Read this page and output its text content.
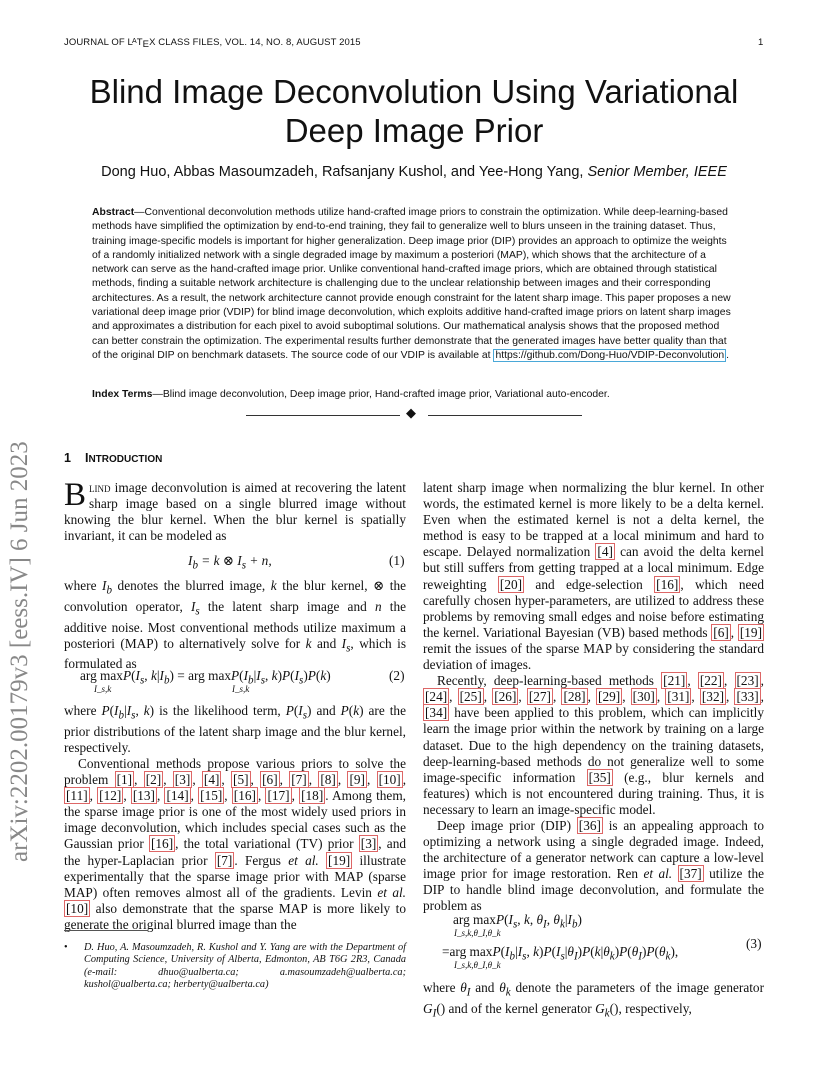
JOURNAL OF $L^ATEX$ CLASS FILES, VOL. 14, NO. 8, AUGUST 2015	1
arXiv:2202.00179v3 [eess.IV] 6 Jun 2023
Blind Image Deconvolution Using Variational
Deep Image Prior
Dong Huo, Abbas Masoumzadeh, Rafsanjany Kushol, and Yee-Hong Yang, Senior Member, IEEE
Abstract—Conventional deconvolution methods utilize hand-crafted image priors to constrain the optimization. While deep-learning-based methods have simplified the optimization by end-to-end training, they fail to generalize well to blurs unseen in the training dataset. Thus, training image-specific models is important for higher generalization. Deep image prior (DIP) provides an approach to optimize the weights of a randomly initialized network with a single degraded image by maximum a posteriori (MAP), which shows that the architecture of a network can serve as the hand-crafted image prior. Unlike conventional hand-crafted image priors, which are obtained through statistical methods, finding a suitable network architecture is challenging due to the unclear relationship between images and their corresponding architectures. As a result, the network architecture cannot provide enough constraint for the latent sharp image. This paper proposes a new variational deep image prior (VDIP) for blind image deconvolution, which exploits additive hand-crafted image priors on latent sharp images and approximates a distribution for each pixel to avoid suboptimal solutions. Our mathematical analysis shows that the proposed method can better constrain the optimization. The experimental results further demonstrate that the generated images have better quality than that of the original DIP on benchmark datasets. The source code of our VDIP is available at https://github.com/Dong-Huo/VDIP-Deconvolution .
Index Terms—Blind image deconvolution, Deep image prior, Hand-crafted image prior, Variational auto-encoder.
◆
1 INTRODUCTION

Blind image deconvolution is aimed at recovering the latent sharp image based on a single blurred image without knowing the blur kernel. When the blur kernel is spatially invariant, it can be modeled as

$I_b = k$ ⊗ $I_s + n$,	(1)

where $I_b$ denotes the blurred image, k the blur kernel, ⊗ the convolution operator, $I_s$ the latent sharp image and n the additive noise. Most conventional methods utilize maximum a posteriori (MAP) to alternatively solve for k and $I_s$, which is formulated as

arg $\max P(I_s$, $k|I_b$) = arg $\max P(I_b|I_s$, $k)P(I_s)P(k)$
I_s,k	I_s,k
(2)

where $P(I_b|I_s$, k) is the likelihood term, $P(I_s)$ and P(k) are the prior distributions of the latent sharp image and the blur kernel, respectively.

Conventional methods propose various priors to solve the problem [1] , [2] , [3] , [4] , [5] , [6] , [7] , [8] , [9] , [10] , [11] , [12] , [13] , [14] , [15] , [16] , [17] , [18] . Among them, the sparse image prior is one of the most widely used priors in image deconvolution, which includes special cases such as the Gaussian prior [16] , the total variational (TV) prior [3] , and the hyper-Laplacian prior [7] . Fergus et al. [19] illustrate experimentally that the sparse image prior with MAP (sparse MAP) often removes almost all of the gradients. Levin et al. [10] also demonstrate that the sparse MAP is more likely to generate the original blurred image than the

• D. Huo, A. Masoumzadeh, R. Kushol and Y. Yang are with the Department of Computing Science, University of Alberta, Edmonton, AB T6G 2R3, Canada (e-mail: dhuo@ualberta.ca; a.masoumzadeh@ualberta.ca; kushol@ualberta.ca; herberty@ualberta.ca)

latent sharp image when normalizing the blur kernel. In other words, the estimated kernel is more likely to be a delta kernel. Even when the estimated kernel is not a delta kernel, the method is easy to be trapped at a local minimum and hard to escape. Delayed normalization [4] can avoid the delta kernel but still suffers from getting trapped at a local minimum. Edge reweighting [20] and edge-selection [16] , which need carefully chosen hyper-parameters, are utilized to address these problems by removing small edges and noise before estimating the kernel. Variational Bayesian (VB) based methods [6] , [19] remit the issues of the sparse MAP by considering the standard deviation of images.

Recently, deep-learning-based methods [21] , [22] , [23] , [24] , [25] , [26] , [27] , [28] , [29] , [30] , [31] , [32] , [33] , [34] have been applied to this problem, which can implicitly learn the image prior within the network by training on a large dataset. Due to the high dependency on the training datasets, deep-learning-based methods do not generalize well to some image-specific information [35] (e.g., blur kernels and features) which is not encountered during training. Thus, it is necessary to learn an image-specific model.

Deep image prior (DIP) [36] is an appealing approach to optimizing a network using a single degraded image. Indeed, the architecture of a generator network can capture a low-level image prior for image restoration. Ren et al. [37] utilize the DIP to handle blind image deconvolution, and formulate the problem as

arg $\max P(I_s$, k, $\theta_I$, $\theta_k|I_b$)
I_s,k,θ_I,θ_k
=arg $\max P(I_b|I_s$, $k)P(I_s|\theta_I)P(k|\theta_k)P(\theta_I)P(\theta_k)$,
I_s,k,θ_I,θ_k
(3)

where $\theta_I$ and $\theta_k$ denote the parameters of the image generator $G_I()$ and of the kernel generator $G_k()$, respectively,
